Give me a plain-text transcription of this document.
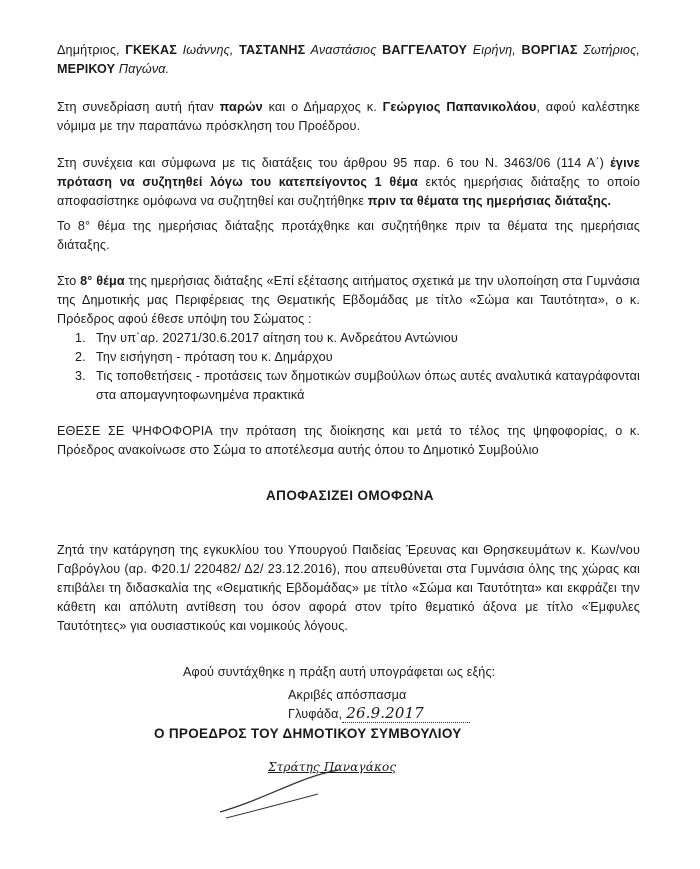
Δημήτριος, ΓΚΕΚΑΣ Ιωάννης, ΤΑΣΤΑΝΗΣ Αναστάσιος ΒΑΓΓΕΛΑΤΟΥ Ειρήνη, ΒΟΡΓΙΑΣ Σωτήριος, ΜΕΡΙΚΟΥ Παγώνα.
Στη συνεδρίαση αυτή ήταν παρών και ο Δήμαρχος κ. Γεώργιος Παπανικολάου, αφού καλέστηκε νόμιμα με την παραπάνω πρόσκληση του Προέδρου.
Στη συνέχεια και σύμφωνα με τις διατάξεις του άρθρου 95 παρ. 6 του Ν. 3463/06 (114 Α΄) έγινε πρόταση να συζητηθεί λόγω του κατεπείγοντος 1 θέμα εκτός ημερήσιας διάταξης το οποίο αποφασίστηκε ομόφωνα να συζητηθεί και συζητήθηκε πριν τα θέματα της ημερήσιας διάταξης.
Το 8° θέμα της ημερήσιας διάταξης προτάχθηκε και συζητήθηκε πριν τα θέματα της ημερήσιας διάταξης.
Στο 8° θέμα της ημερήσιας διάταξης «Επί εξέτασης αιτήματος σχετικά με την υλοποίηση στα Γυμνάσια της Δημοτικής μας Περιφέρειας της Θεματικής Εβδομάδας με τίτλο «Σώμα και Ταυτότητα», ο κ. Πρόεδρος αφού έθεσε υπόψη του Σώματος :
1. Την υπ΄αρ. 20271/30.6.2017 αίτηση του κ. Ανδρεάτου Αντώνιου
2. Την εισήγηση - πρόταση του κ. Δημάρχου
3. Τις τοποθετήσεις - προτάσεις των δημοτικών συμβούλων όπως αυτές αναλυτικά καταγράφονται στα απομαγνητοφωνημένα πρακτικά
ΕΘΕΣΕ ΣΕ ΨΗΦΟΦΟΡΙΑ την πρόταση της διοίκησης και μετά το τέλος της ψηφοφορίας, ο κ. Πρόεδρος ανακοίνωσε στο Σώμα το αποτέλεσμα αυτής όπου το Δημοτικό Συμβούλιο
ΑΠΟΦΑΣΙΖΕΙ ΟΜΟΦΩΝΑ
Ζητά την κατάργηση της εγκυκλίου του Υπουργού Παιδείας Έρευνας και Θρησκευμάτων κ. Κων/νου Γαβρόγλου (αρ. Φ20.1/ 220482/ Δ2/ 23.12.2016), που απευθύνεται στα Γυμνάσια όλης της χώρας και επιβάλει τη διδασκαλία της «Θεματικής Εβδομάδας» με τίτλο «Σώμα και Ταυτότητα» και εκφράζει την κάθετη και απόλυτη αντίθεση του όσον αφορά στον τρίτο θεματικό άξονα με τίτλο «Έμφυλες Ταυτότητες» για ουσιαστικούς και νομικούς λόγους.
Αφού συντάχθηκε η πράξη αυτή υπογράφεται ως εξής:
Ακριβές απόσπασμα
Γλυφάδα, 26.9.2017
Ο ΠΡΟΕΔΡΟΣ ΤΟΥ ΔΗΜΟΤΙΚΟΥ ΣΥΜΒΟΥΛΙΟΥ
Στράτης Παναγάκος
